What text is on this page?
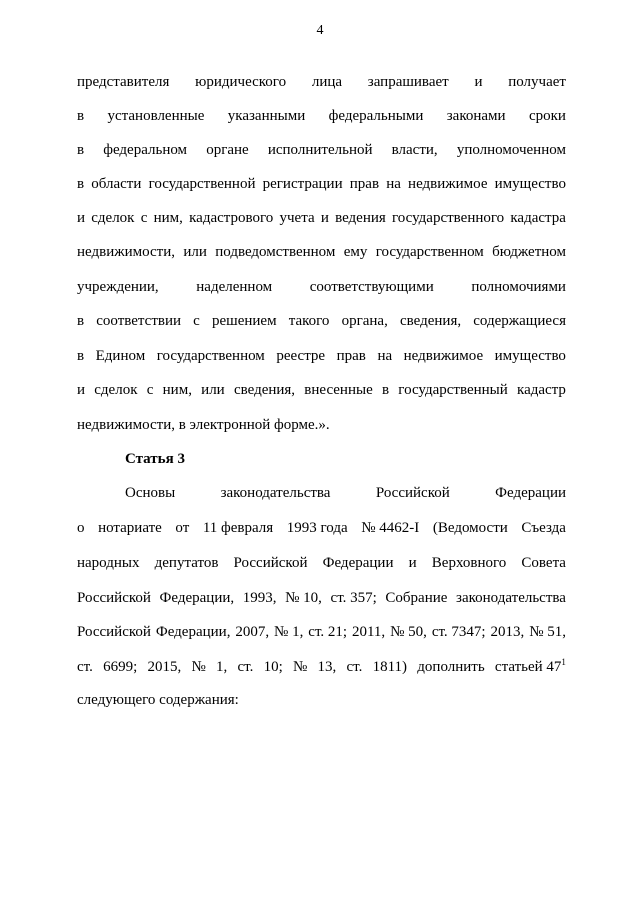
4
представителя юридического лица запрашивает и получает
в установленные указанными федеральными законами сроки
в федеральном органе исполнительной власти, уполномоченном
в области государственной регистрации прав на недвижимое имущество
и сделок с ним, кадастрового учета и ведения государственного кадастра
недвижимости, или подведомственном ему государственном бюджетном
учреждении,	наделенном	соответствующими	полномочиями
в соответствии с решением такого органа, сведения, содержащиеся
в Едином государственном реестре прав на недвижимое имущество
и сделок с ним, или сведения, внесенные в государственный кадастр
недвижимости, в электронной форме.».
Статья 3
Основы	законодательства	Российской	Федерации
о нотариате от 11 февраля 1993 года № 4462-I (Ведомости Съезда
народных депутатов Российской Федерации и Верховного Совета
Российской Федерации, 1993, № 10, ст. 357; Собрание законодательства
Российской Федерации, 2007, № 1, ст. 21; 2011, № 50, ст. 7347; 2013, № 51,
ст. 6699; 2015, № 1, ст. 10; № 13, ст. 1811) дополнить статьей $47^1$
следующего содержания:
